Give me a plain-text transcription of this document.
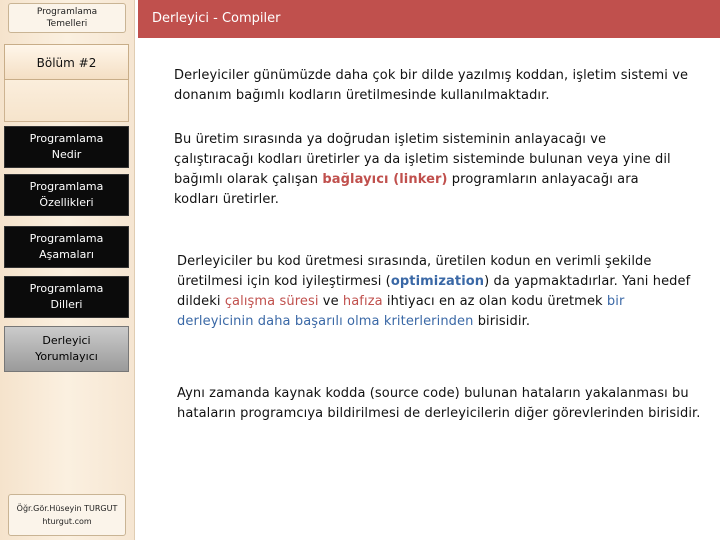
Programlama
Temelleri
Bölüm #2
Programlama
Nedir
Programlama
Özellikleri
Programlama
Aşamaları
Programlama
Dilleri
Derleyici
Yorumlayıcı
Öğr.Gör.Hüseyin TURGUT
hturgut.com
Derleyici - Compiler
Derleyiciler günümüzde daha çok bir dilde yazılmış koddan, işletim sistemi ve donanım bağımlı kodların üretilmesinde kullanılmaktadır.
Bu üretim sırasında ya doğrudan işletim sisteminin anlayacağı ve çalıştıracağı kodları üretirler ya da işletim sisteminde bulunan veya yine dil bağımlı olarak çalışan bağlayıcı (linker) programların anlayacağı ara kodları üretirler.
Derleyiciler bu kod üretmesi sırasında, üretilen kodun en verimli şekilde üretilmesi için kod iyileştirmesi (optimization) da yapmaktadırlar. Yani hedef dildeki çalışma süresi ve hafıza ihtiyacı en az olan kodu üretmek bir derleyicinin daha başarılı olma kriterlerinden birisidir.
Aynı zamanda kaynak kodda (source code) bulunan hataların yakalanması bu hataların programcıya bildirilmesi de derleyicilerin diğer görevlerinden birisidir.
